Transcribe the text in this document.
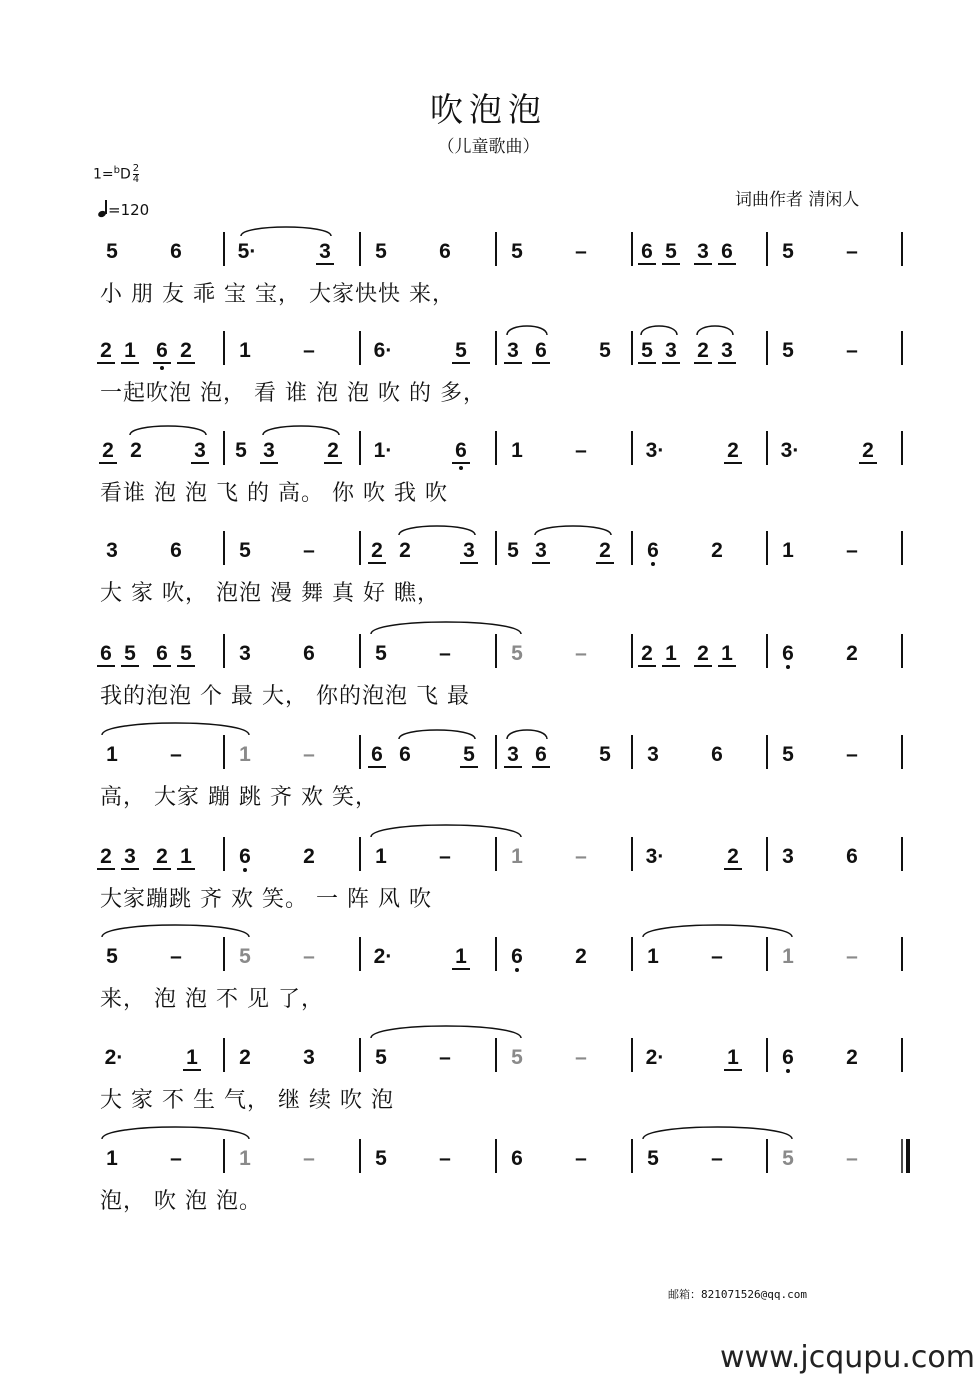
吹泡泡
（儿童歌曲）
$1=^bD \frac{2}{4}$
=120	词曲作者 清闲人
5 6	5·	3 5 6	5 –	6 5 3 6 5 –
小 朋 友 乖 宝 宝， 大家快快 来，
2 1 6 2 1 –	6·	5 3 6 5 5 3 2 3 5 –
一起吹泡 泡， 看 谁 泡 泡 吹 的 多，
2 2 3 5 3 2 1·	6 1 –	3·	2 3·	2
看谁 泡 泡 飞 的 高。 你 吹 我 吹
3 6	5 –	2 2 3 5 3 2 6 2	1 –
大 家 吹， 泡泡 漫 舞 真 好 瞧，
6 5 6 5 3 6	5 –	5 –	2 1 2 1 6 2
我的泡泡 个 最 大， 你的泡泡 飞 最
1 –	1 –	6 6 5 3 6 5 3 6	5 –
高， 大家 蹦 跳 齐 欢 笑，
2 3 2 1 6 2	1 –	1 –	3·	2 3 6
大家蹦跳 齐 欢 笑。 一 阵 风 吹
5 –	5 –	2·	1 6 2	1 –	1 –
来， 泡 泡 不 见 了，
2·	1 2 3	5 –	5 –	2·	1 6 2
大 家 不 生 气， 继 续 吹 泡
1 –	1 –	5 –	6 –	5 –	5 –
泡， 吹 泡 泡。
邮箱：821071526@qq.com
www.jcqupu.com
